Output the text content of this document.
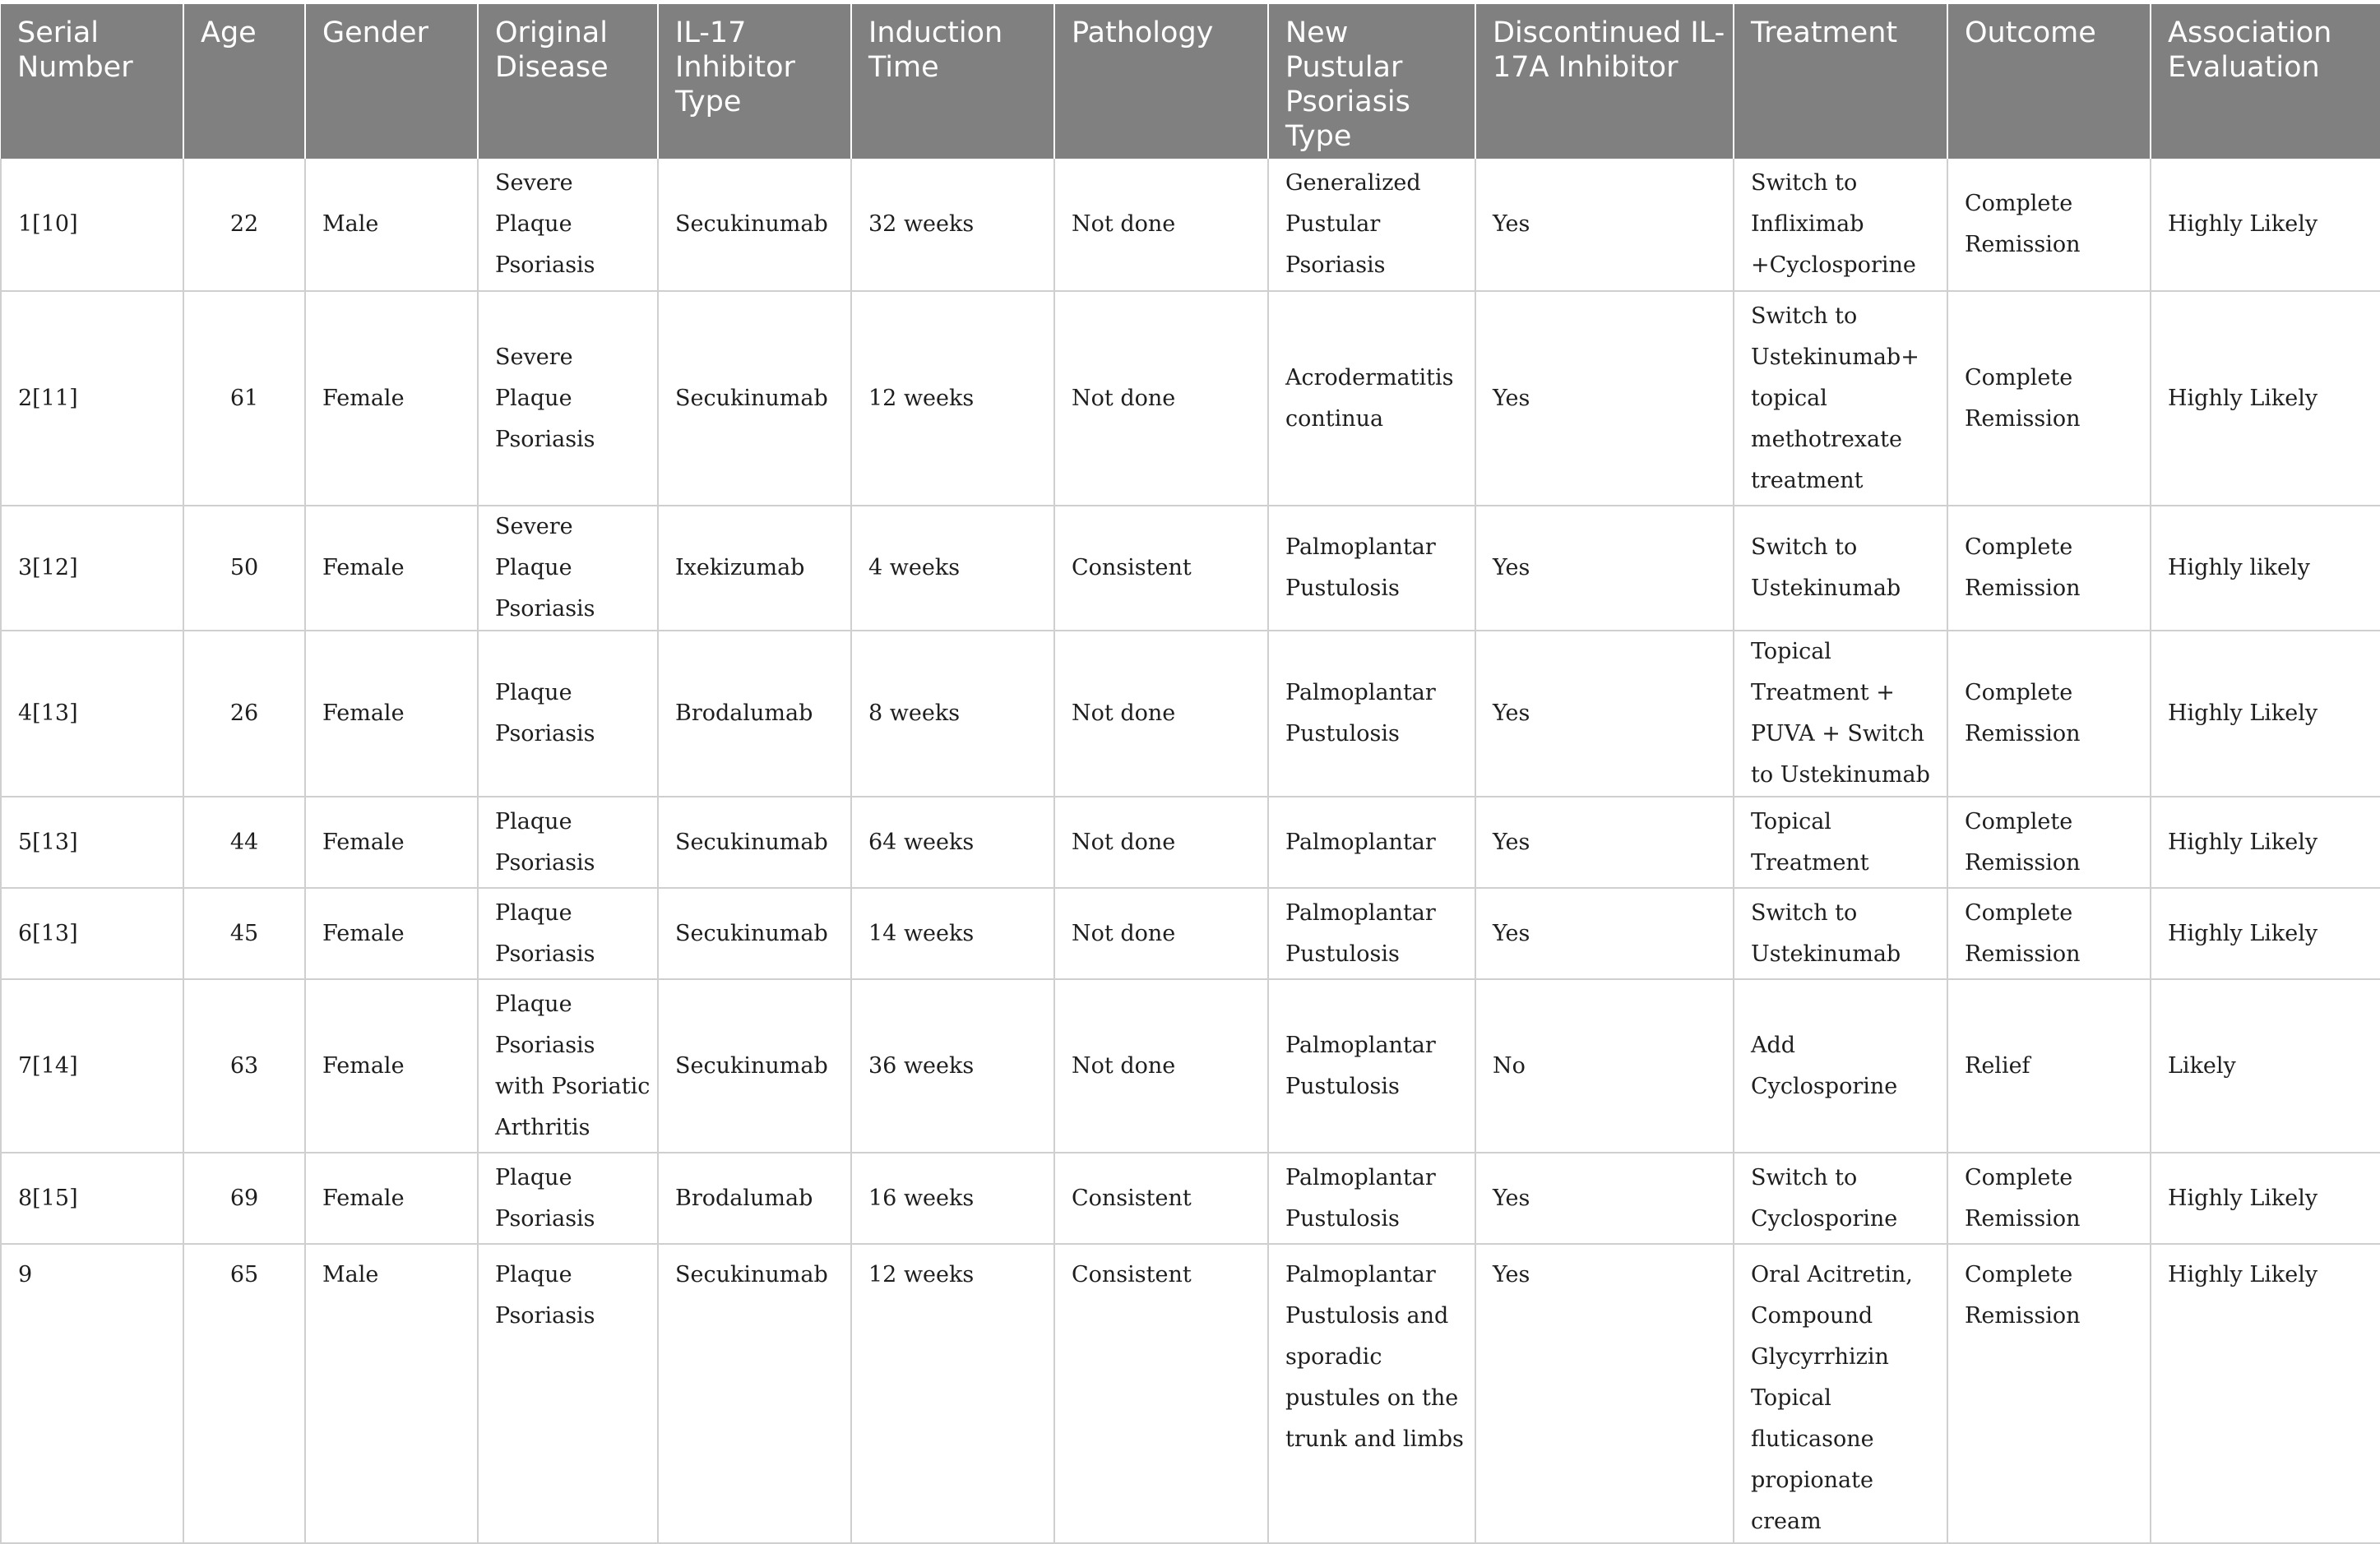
Serial Number	Age	Gender	Original Disease	IL-17 Inhibitor Type	Induction Time	Pathology	New Pustular Psoriasis Type	Discontinued IL-17A Inhibitor	Treatment	Outcome	Association Evaluation
1[10]	22	Male	Severe Plaque Psoriasis	Secukinumab	32 weeks	Not done	Generalized Pustular Psoriasis	Yes	Switch to Infliximab +Cyclosporine	Complete Remission	Highly Likely
2[11]	61	Female	Severe Plaque Psoriasis	Secukinumab	12 weeks	Not done	Acrodermatitis continua	Yes	Switch to Ustekinumab+ topical methotrexate treatment	Complete Remission	Highly Likely
3[12]	50	Female	Severe Plaque Psoriasis	Ixekizumab	4 weeks	Consistent	Palmoplantar Pustulosis	Yes	Switch to Ustekinumab	Complete Remission	Highly likely
4[13]	26	Female	Plaque Psoriasis	Brodalumab	8 weeks	Not done	Palmoplantar Pustulosis	Yes	Topical Treatment + PUVA + Switch to Ustekinumab	Complete Remission	Highly Likely
5[13]	44	Female	Plaque Psoriasis	Secukinumab	64 weeks	Not done	Palmoplantar	Yes	Topical Treatment	Complete Remission	Highly Likely
6[13]	45	Female	Plaque Psoriasis	Secukinumab	14 weeks	Not done	Palmoplantar Pustulosis	Yes	Switch to Ustekinumab	Complete Remission	Highly Likely
7[14]	63	Female	Plaque Psoriasis with Psoriatic Arthritis	Secukinumab	36 weeks	Not done	Palmoplantar Pustulosis	No	Add Cyclosporine	Relief	Likely
8[15]	69	Female	Plaque Psoriasis	Brodalumab	16 weeks	Consistent	Palmoplantar Pustulosis	Yes	Switch to Cyclosporine	Complete Remission	Highly Likely
9	65	Male	Plaque Psoriasis	Secukinumab	12 weeks	Consistent	Palmoplantar Pustulosis and sporadic pustules on the trunk and limbs	Yes	Oral Acitretin, Compound Glycyrrhizin Topical fluticasone propionate cream	Complete Remission	Highly Likely
